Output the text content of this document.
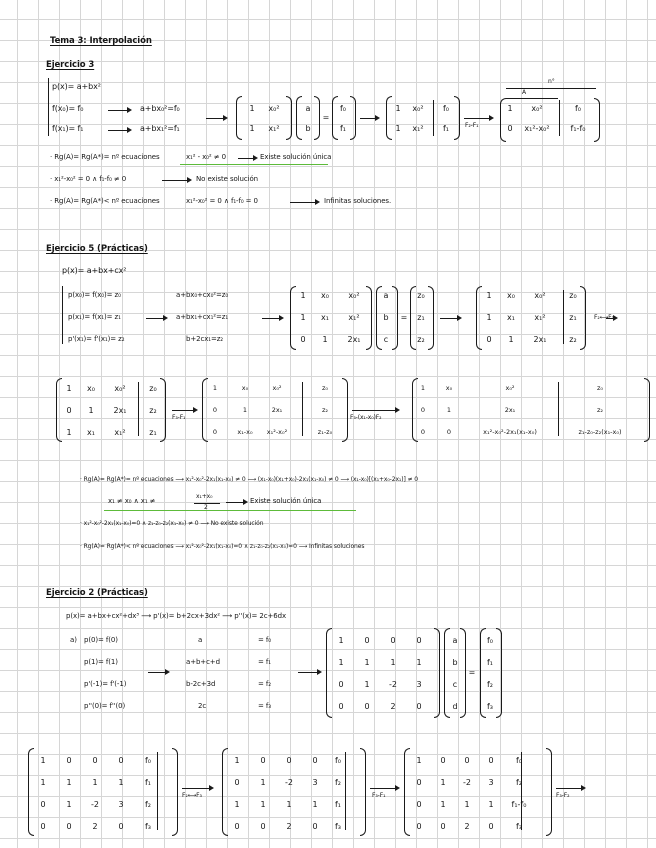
Tema 3: Interpolación
Ejercicio 3
p(x)= a+bx²
f(x₀)= f₀
f(x₁)= f₁
a+bx₀²=f₀
a+bx₁²=f₁
1	x₀²
1	x₁²
a
b
=
f₀
f₁
1	x₀²	f₀
1	x₁²	f₁	F₂-F₁
n°
A
1	x₀²	f₀
0	x₁²-x₀²	f₁-f₀
· Rg(A)= Rg(A*)= nº ecuaciones	x₁² - x₀² ≠ 0	Existe solución única
· x₁²-x₀² = 0 ∧ f₁-f₀ ≠ 0	No existe solución
· Rg(A)= Rg(A*)< nº ecuaciones	x₁²-x₀² = 0 ∧ f₁-f₀ = 0	Infinitas soluciones.
Ejercicio 5 (Prácticas)
p(x)= a+bx+cx²
p(x₀)= f(x₀)= z₀
p(x₁)= f(x₁)= z₁
p'(x₁)= f'(x₁)= z₂
a+bx₀+cx₀²=z₀
a+bx₁+cx₁²=z₁
b+2cx₁=z₂
1	x₀	x₀²
1	x₁	x₁²
0	1	2x₁
a
b
c
=
z₀
z₁
z₂
1	x₀	x₀²	z₀
1	x₁	x₁²	z₁
0	1	2x₁	z₂
F₂⟷F₃
1	x₀	x₀²	z₀
0	1	2x₁	z₂
1	x₁	x₁²	z₁
F₃-F₁
1	x₀	x₀²	z₀
0	1	2x₁	z₂
0	x₁-x₀	x₁²-x₀²	z₁-z₀
F₃-(x₁-x₀)F₂
1	x₀	x₀²	z₀
0	1	2x₁	z₂
0	0	x₁²-x₀²-2x₁(x₁-x₀)	z₁-z₀-z₂(x₁-x₀)
· Rg(A)= Rg(A*)= nº ecuaciones ⟶ x₁²-x₀²-2x₁(x₁-x₀) ≠ 0 ⟶ (x₁-x₀)(x₁+x₀)-2x₁(x₁-x₀) ≠ 0 ⟶ (x₁-x₀)[(x₁+x₀-2x₁)] ≠ 0
x₁ ≠ x₀ ∧ x₁ ≠
x₁+x₀
2
Existe solución única
· x₁²-x₀²-2x₁(x₁-x₀)=0 ∧ z₁-z₀-z₂(x₁-x₀) ≠ 0 ⟶ No existe solución
· Rg(A)= Rg(A*)< nº ecuaciones ⟶ x₁²-x₀²-2x₁(x₁-x₀)=0 ∧ z₁-z₀-z₂(x₁-x₀)=0 ⟶ Infinitas soluciones
Ejercicio 2 (Prácticas)
p(x)= a+bx+cx²+dx³ ⟶ p'(x)= b+2cx+3dx² ⟶ p''(x)= 2c+6dx
a) p(0)= f(0)
p(1)= f(1)
p'(-1)= f'(-1)
p''(0)= f''(0)
a	= f₀
a+b+c+d	= f₁
b-2c+3d	= f₂
2c	= f₃
1	0	0	0
1	1	1	1
0	1	-2	3
0	0	2	0
a
b
c
d
=
f₀
f₁
f₂
f₃
1	0	0	0	f₀
1	1	1	1	f₁
0	1	-2	3	f₂
0	0	2	0	f₃
F₂⟷F₃
1	0	0	0	f₀
0	1	-2	3	f₂
1	1	1	1	f₁
0	0	2	0	f₃
F₃-F₁
1	0	0	0	f₀
0	1	-2	3	f₂
0	1	1	1	f₁-f₀
0	0	2	0	f₃
F₃-F₂
